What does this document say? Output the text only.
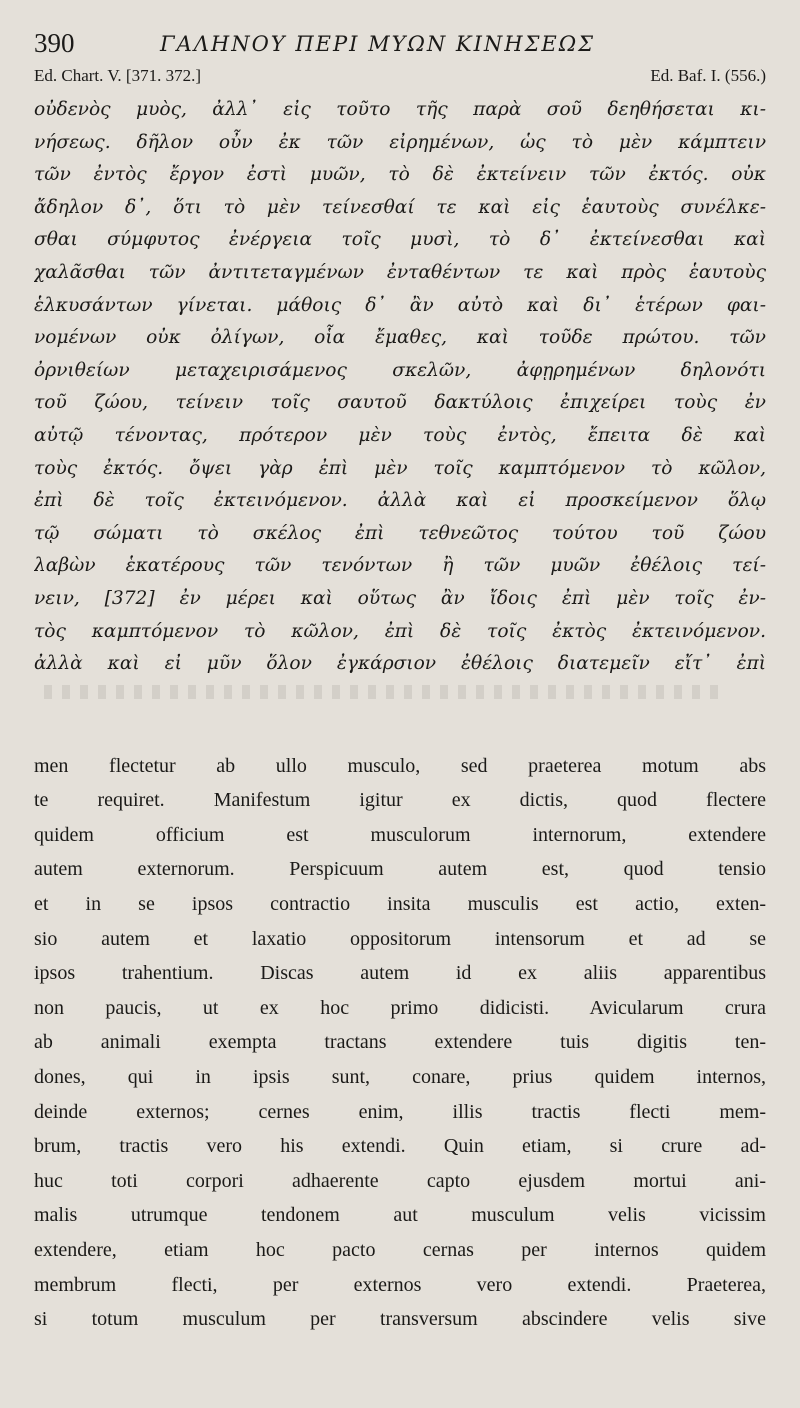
390	ΓΑΛΗΝΟΥ ΠΕΡΙ ΜΥΩΝ ΚΙΝΗΣΕΩΣ
Ed. Chart. V. [371. 372.]	Ed. Baf. I. (556.)
οὐδενὸς μυὸς, ἀλλ᾽ εἰς τοῦτο τῆς παρὰ σοῦ δεηθήσεται κι-
νήσεως. δῆλον οὖν ἐκ τῶν εἰρημένων, ὡς τὸ μὲν κάμπτειν
τῶν ἐντὸς ἔργον ἐστὶ μυῶν, τὸ δὲ ἐκτείνειν τῶν ἐκτός. οὐκ
ἄδηλον δ᾽, ὅτι τὸ μὲν τείνεσθαί τε καὶ εἰς ἑαυτοὺς συνέλκε-
σθαι σύμφυτος ἐνέργεια τοῖς μυσὶ, τὸ δ᾽ ἐκτείνεσθαι καὶ
χαλᾶσθαι τῶν ἀντιτεταγμένων ἐνταθέντων τε καὶ πρὸς ἑαυτοὺς
ἑλκυσάντων γίνεται. μάθοις δ᾽ ἂν αὐτὸ καὶ δι᾽ ἑτέρων φαι-
νομένων οὐκ ὀλίγων, οἷα ἔμαθες, καὶ τοῦδε πρώτου. τῶν
ὀρνιθείων μεταχειρισάμενος σκελῶν, ἀφῃρημένων δηλονότι
τοῦ ζώου, τείνειν τοῖς σαυτοῦ δακτύλοις ἐπιχείρει τοὺς ἐν
αὐτῷ τένοντας, πρότερον μὲν τοὺς ἐντὸς, ἔπειτα δὲ καὶ
τοὺς ἐκτός. ὄψει γὰρ ἐπὶ μὲν τοῖς καμπτόμενον τὸ κῶλον,
ἐπὶ δὲ τοῖς ἐκτεινόμενον. ἀλλὰ καὶ εἰ προσκείμενον ὅλῳ
τῷ σώματι τὸ σκέλος ἐπὶ τεθνεῶτος τούτου τοῦ ζώου
λαβὼν ἑκατέρους τῶν τενόντων ἢ τῶν μυῶν ἐθέλοις τεί-
νειν, [372] ἐν μέρει καὶ οὕτως ἂν ἴδοις ἐπὶ μὲν τοῖς ἐν-
τὸς καμπτόμενον τὸ κῶλον, ἐπὶ δὲ τοῖς ἐκτὸς ἐκτεινόμενον.
ἀλλὰ καὶ εἰ μῦν ὅλον ἐγκάρσιον ἐθέλοις διατεμεῖν εἴτ᾽ ἐπὶ
men flectetur ab ullo musculo, sed praeterea motum abs
te requiret. Manifestum igitur ex dictis, quod flectere
quidem officium est musculorum internorum, extendere
autem externorum. Perspicuum autem est, quod tensio
et in se ipsos contractio insita musculis est actio, exten-
sio autem et laxatio oppositorum intensorum et ad se
ipsos trahentium. Discas autem id ex aliis apparentibus
non paucis, ut ex hoc primo didicisti. Avicularum crura
ab animali exempta tractans extendere tuis digitis ten-
dones, qui in ipsis sunt, conare, prius quidem internos,
deinde externos; cernes enim, illis tractis flecti mem-
brum, tractis vero his extendi. Quin etiam, si crure ad-
huc toti corpori adhaerente capto ejusdem mortui ani-
malis utrumque tendonem aut musculum velis vicissim
extendere, etiam hoc pacto cernas per internos quidem
membrum flecti, per externos vero extendi. Praeterea,
si totum musculum per transversum abscindere velis sive
